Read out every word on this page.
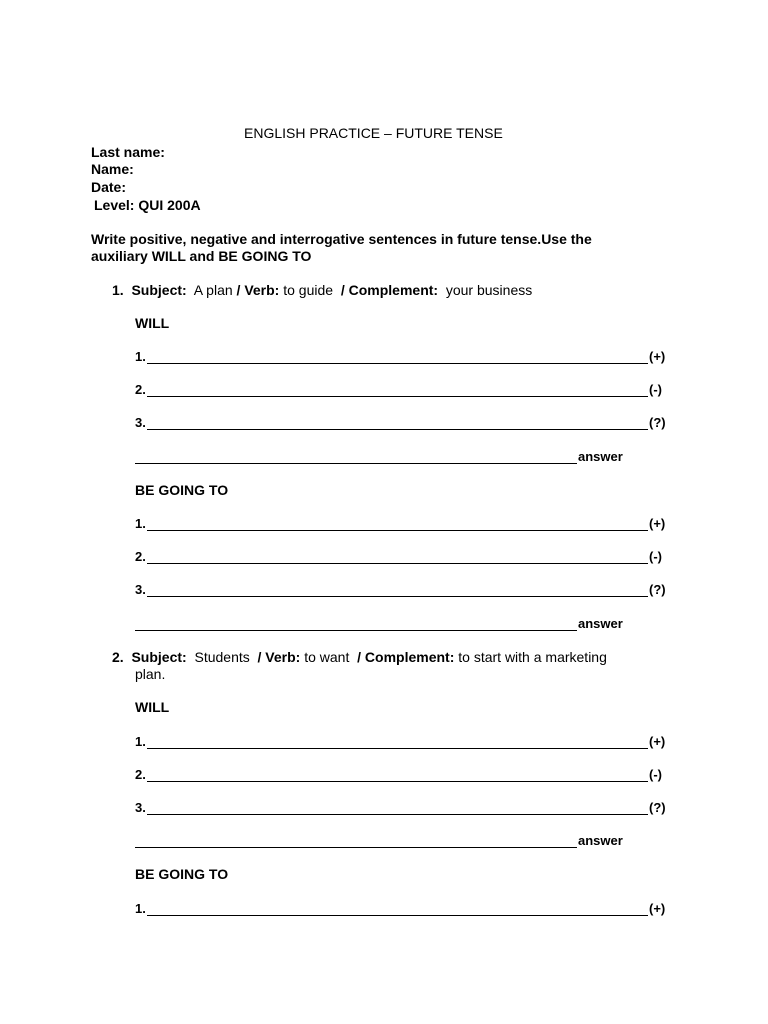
ENGLISH PRACTICE – FUTURE TENSE
Last name:
Name:
Date:
Level: QUI 200A
Write positive, negative and interrogative sentences in future tense.Use the
auxiliary WILL and BE GOING TO
1. Subject: A plan / Verb: to guide / Complement: your business
WILL
1.	(+)
2.	(-)
3.	(?)
answer
BE GOING TO
1.	(+)
2.	(-)
3.	(?)
answer
2. Subject: Students / Verb: to want / Complement: to start with a marketing
plan.
WILL
1.	(+)
2.	(-)
3.	(?)
answer
BE GOING TO
1.	(+)
